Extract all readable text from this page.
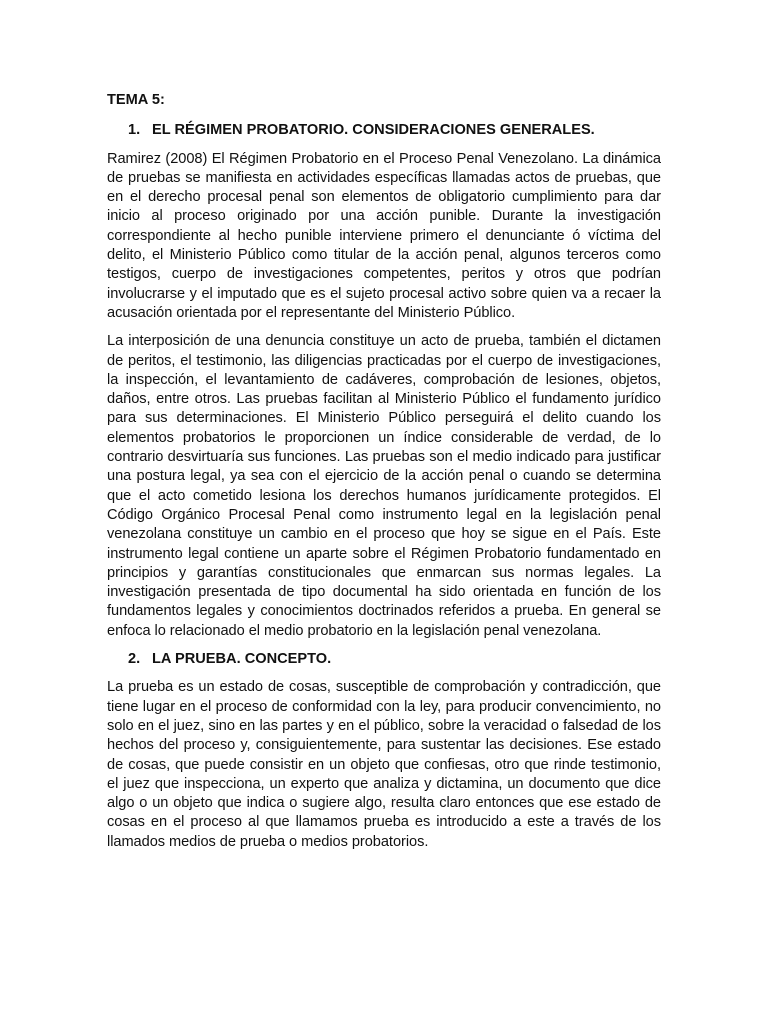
TEMA 5:
1. EL RÉGIMEN PROBATORIO. CONSIDERACIONES GENERALES.

Ramirez (2008) El Régimen Probatorio en el Proceso Penal Venezolano. La dinámica de pruebas se manifiesta en actividades específicas llamadas actos de pruebas, que en el derecho procesal penal son elementos de obligatorio cumplimiento para dar inicio al proceso originado por una acción punible. Durante la investigación correspondiente al hecho punible interviene primero el denunciante ó víctima del delito, el Ministerio Público como titular de la acción penal, algunos terceros como testigos, cuerpo de investigaciones competentes, peritos y otros que podrían involucrarse y el imputado que es el sujeto procesal activo sobre quien va a recaer la acusación orientada por el representante del Ministerio Público.

La interposición de una denuncia constituye un acto de prueba, también el dictamen de peritos, el testimonio, las diligencias practicadas por el cuerpo de investigaciones, la inspección, el levantamiento de cadáveres, comprobación de lesiones, objetos, daños, entre otros. Las pruebas facilitan al Ministerio Público el fundamento jurídico para sus determinaciones. El Ministerio Público perseguirá el delito cuando los elementos probatorios le proporcionen un índice considerable de verdad, de lo contrario desvirtuaría sus funciones. Las pruebas son el medio indicado para justificar una postura legal, ya sea con el ejercicio de la acción penal o cuando se determina que el acto cometido lesiona los derechos humanos jurídicamente protegidos. El Código Orgánico Procesal Penal como instrumento legal en la legislación penal venezolana constituye un cambio en el proceso que hoy se sigue en el País. Este instrumento legal contiene un aparte sobre el Régimen Probatorio fundamentado en principios y garantías constitucionales que enmarcan sus normas legales. La investigación presentada de tipo documental ha sido orientada en función de los fundamentos legales y conocimientos doctrinados referidos a prueba. En general se enfoca lo relacionado el medio probatorio en la legislación penal venezolana.

2. LA PRUEBA. CONCEPTO.

La prueba es un estado de cosas, susceptible de comprobación y contradicción, que tiene lugar en el proceso de conformidad con la ley, para producir convencimiento, no solo en el juez, sino en las partes y en el público, sobre la veracidad o falsedad de los hechos del proceso y, consiguientemente, para sustentar las decisiones. Ese estado de cosas, que puede consistir en un objeto que confiesas, otro que rinde testimonio, el juez que inspecciona, un experto que analiza y dictamina, un documento que dice algo o un objeto que indica o sugiere algo, resulta claro entonces que ese estado de cosas en el proceso al que llamamos prueba es introducido a este a través de los llamados medios de prueba o medios probatorios.
